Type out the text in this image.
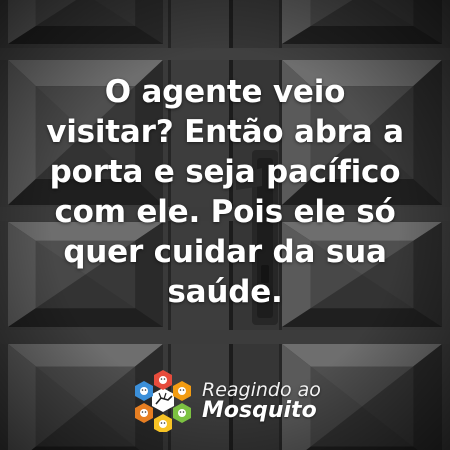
O agente veio visitar? Então abra a porta e seja pacífico com ele. Pois ele só quer cuidar da sua saúde.
Reagindo ao
Mosquito
